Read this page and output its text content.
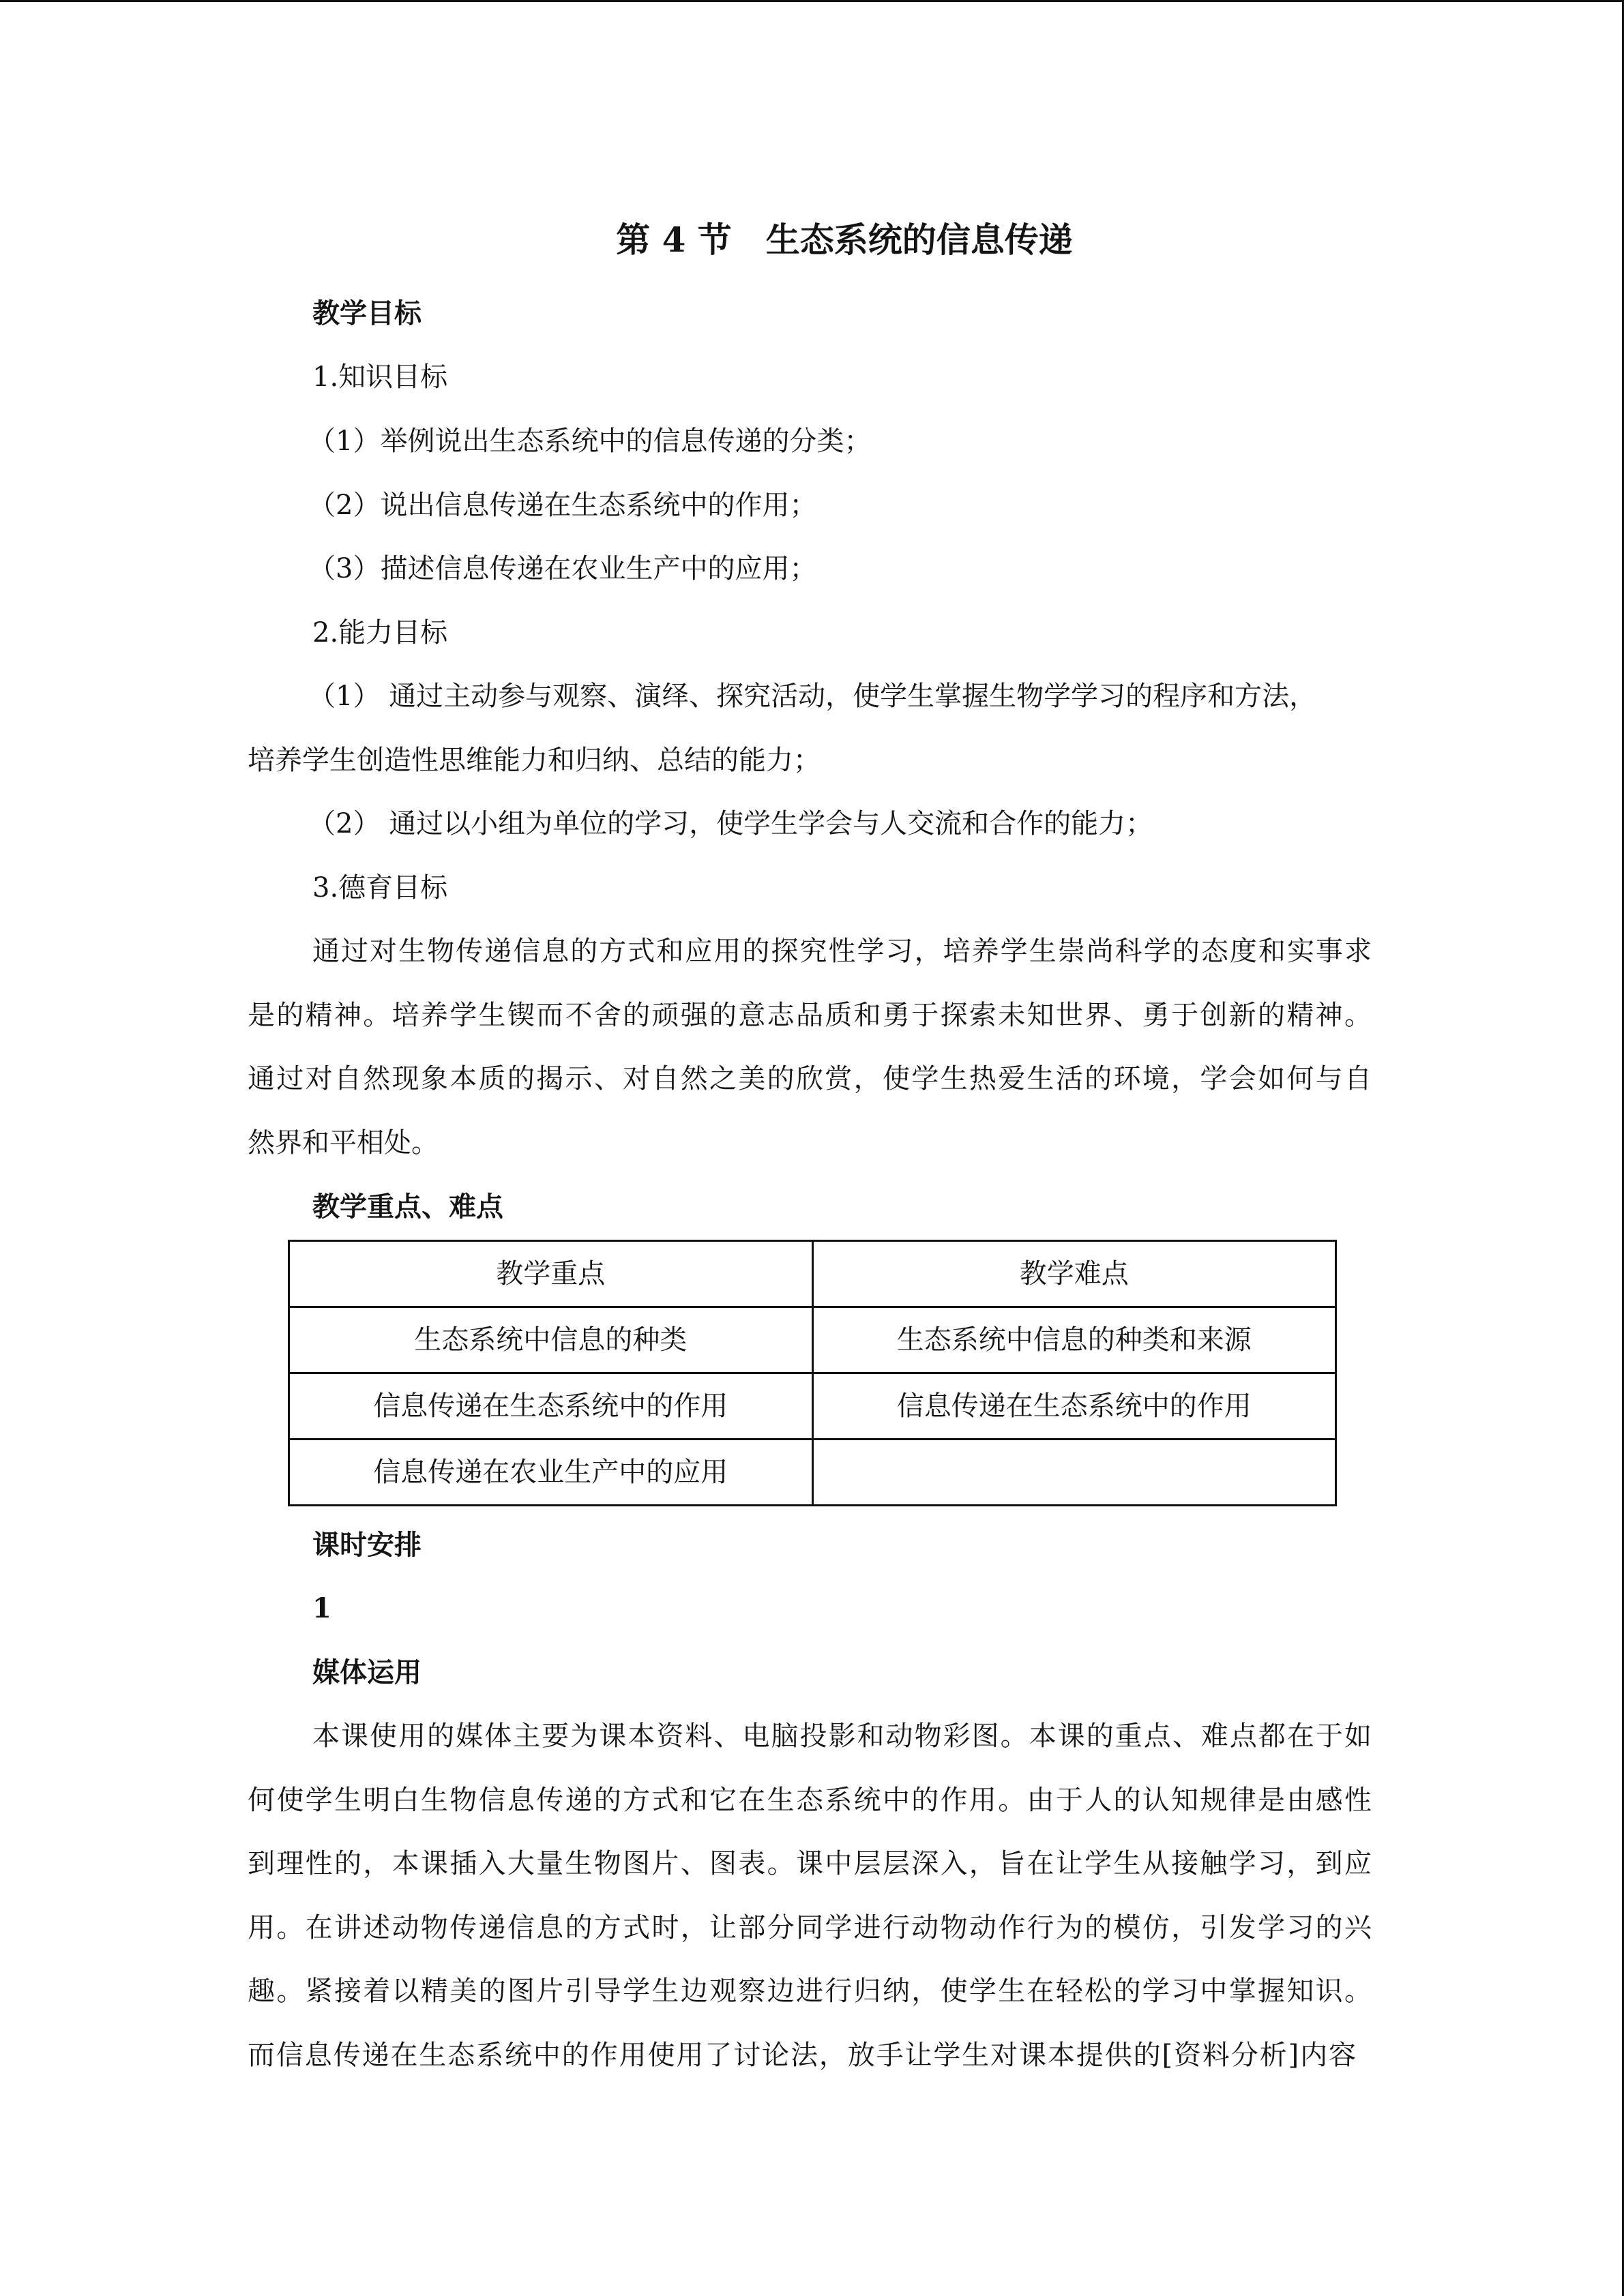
第 4 节　生态系统的信息传递

教学目标

1.知识目标

（1）举例说出生态系统中的信息传递的分类；

（2）说出信息传递在生态系统中的作用；

（3）描述信息传递在农业生产中的应用；

2.能力目标

（1） 通过主动参与观察、演绎、探究活动，使学生掌握生物学学习的程序和方法，

培养学生创造性思维能力和归纳、总结的能力；

（2） 通过以小组为单位的学习，使学生学会与人交流和合作的能力；

3.德育目标

通过对生物传递信息的方式和应用的探究性学习，培养学生崇尚科学的态度和实事求

是的精神。培养学生锲而不舍的顽强的意志品质和勇于探索未知世界、勇于创新的精神。

通过对自然现象本质的揭示、对自然之美的欣赏，使学生热爱生活的环境，学会如何与自

然界和平相处。

教学重点、难点

教学重点	教学难点
生态系统中信息的种类	生态系统中信息的种类和来源
信息传递在生态系统中的作用	信息传递在生态系统中的作用
信息传递在农业生产中的应用	

课时安排

1

媒体运用

本课使用的媒体主要为课本资料、电脑投影和动物彩图。本课的重点、难点都在于如

何使学生明白生物信息传递的方式和它在生态系统中的作用。由于人的认知规律是由感性

到理性的，本课插入大量生物图片、图表。课中层层深入，旨在让学生从接触学习，到应

用。在讲述动物传递信息的方式时，让部分同学进行动物动作行为的模仿，引发学习的兴

趣。紧接着以精美的图片引导学生边观察边进行归纳，使学生在轻松的学习中掌握知识。

而信息传递在生态系统中的作用使用了讨论法，放手让学生对课本提供的[资料分析]内容
